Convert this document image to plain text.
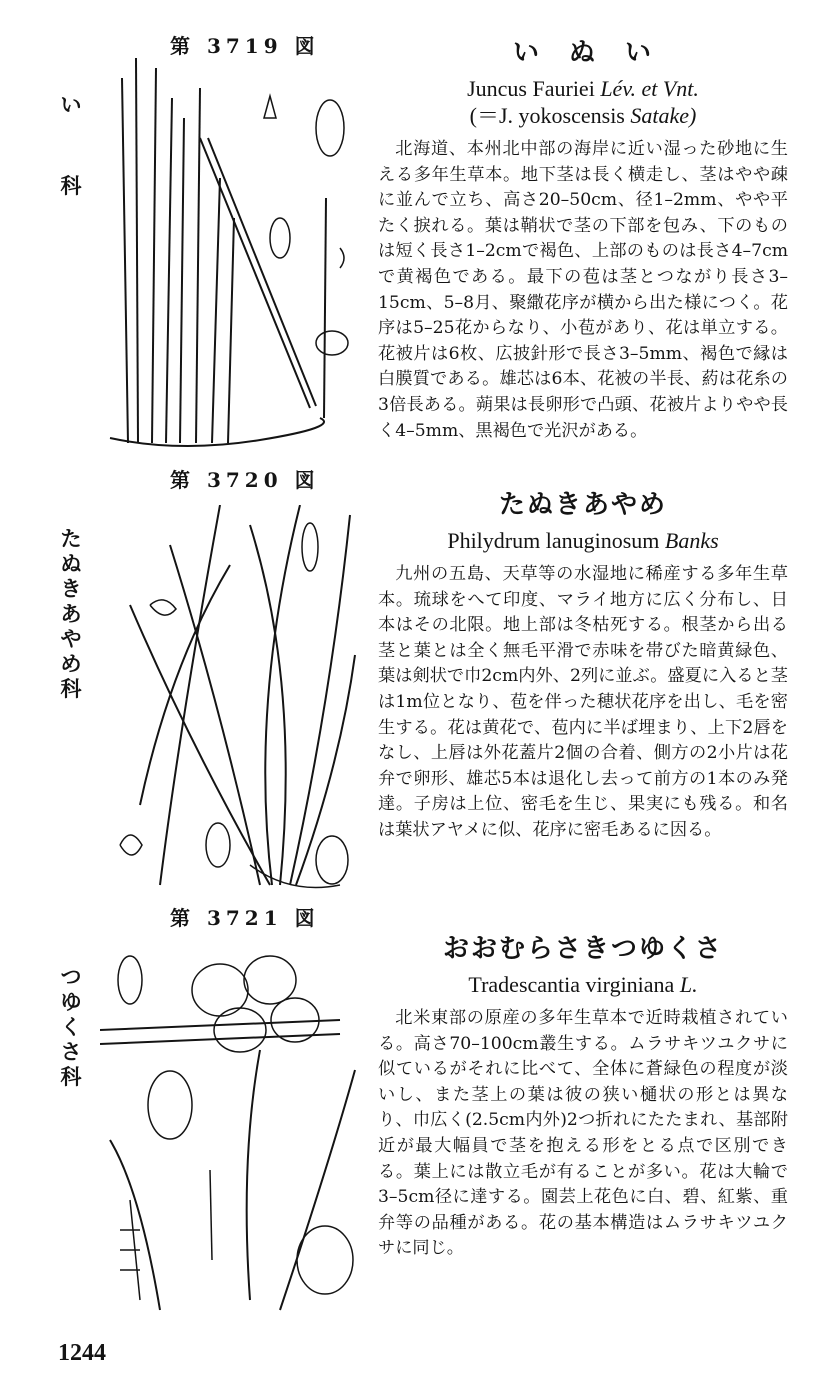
第 3719 図
い
科
い　ぬ　い
Juncus Fauriei Lév. et Vnt.
(＝J. yokoscensis Satake)
北海道、本州北中部の海岸に近い湿った砂地に生える多年生草本。地下茎は長く横走し、茎はやや疎に並んで立ち、高さ20–50cm、径1–2mm、やや平たく捩れる。葉は鞘状で茎の下部を包み、下のものは短く長さ1–2cmで褐色、上部のものは長さ4–7cmで黄褐色である。最下の苞は茎とつながり長さ3–15cm、5–8月、聚繖花序が横から出た様につく。花序は5–25花からなり、小苞があり、花は単立する。花被片は6枚、広披針形で長さ3–5mm、褐色で縁は白膜質である。雄芯は6本、花被の半長、葯は花糸の3倍長ある。蒴果は長卵形で凸頭、花被片よりやや長く4–5mm、黒褐色で光沢がある。
第 3720 図
た
ぬ
き
あ
や
め
科
たぬきあやめ
Philydrum lanuginosum Banks
九州の五島、天草等の水湿地に稀産する多年生草本。琉球をへて印度、マライ地方に広く分布し、日本はその北限。地上部は冬枯死する。根茎から出る茎と葉とは全く無毛平滑で赤味を帯びた暗黄緑色、葉は剣状で巾2cm内外、2列に並ぶ。盛夏に入ると茎は1m位となり、苞を伴った穂状花序を出し、毛を密生する。花は黄花で、苞内に半ば埋まり、上下2唇をなし、上唇は外花蓋片2個の合着、側方の2小片は花弁で卵形、雄芯5本は退化し去って前方の1本のみ発達。子房は上位、密毛を生じ、果実にも残る。和名は葉状アヤメに似、花序に密毛あるに因る。
第 3721 図
つ
ゆ
く
さ
科
おおむらさきつゆくさ
Tradescantia virginiana L.
北米東部の原産の多年生草本で近時栽植されている。高さ70–100cm叢生する。ムラサキツユクサに似ているがそれに比べて、全体に蒼緑色の程度が淡いし、また茎上の葉は彼の狭い樋状の形とは異なり、巾広く(2.5cm内外)2つ折れにたたまれ、基部附近が最大幅員で茎を抱える形をとる点で区別できる。葉上には散立毛が有ることが多い。花は大輪で3–5cm径に達する。園芸上花色に白、碧、紅紫、重弁等の品種がある。花の基本構造はムラサキツユクサに同じ。
1244
